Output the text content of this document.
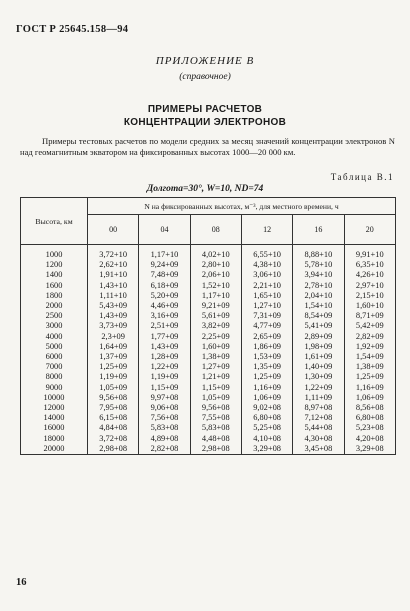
ГОСТ Р 25645.158—94
ПРИЛОЖЕНИЕ В
(справочное)
ПРИМЕРЫ РАСЧЕТОВ
КОНЦЕНТРАЦИИ ЭЛЕКТРОНОВ
Примеры тестовых расчетов по модели средних за месяц значений концентрации электронов N над геомагнитным экватором на фиксированных высотах 1000—20 000 км.
Таблица В.1
Долгота=30°, W=10, ND=74
Высота, км	N на фиксированных высотах, м⁻³, для местного времени, ч					
	00	04	08	12	16	20
1000	3,72+10	1,17+10	4,02+10	6,55+10	8,88+10	9,91+10
1200	2,62+10	9,24+09	2,80+10	4,38+10	5,78+10	6,35+10
1400	1,91+10	7,48+09	2,06+10	3,06+10	3,94+10	4,26+10
1600	1,43+10	6,18+09	1,52+10	2,21+10	2,78+10	2,97+10
1800	1,11+10	5,20+09	1,17+10	1,65+10	2,04+10	2,15+10
2000	5,43+09	4,46+09	9,21+09	1,27+10	1,54+10	1,60+10
2500	1,43+09	3,16+09	5,61+09	7,31+09	8,54+09	8,71+09
3000	3,73+09	2,51+09	3,82+09	4,77+09	5,41+09	5,42+09
4000	2,3+09	1,77+09	2,25+09	2,65+09	2,89+09	2,82+09
5000	1,64+09	1,43+09	1,60+09	1,86+09	1,98+09	1,92+09
6000	1,37+09	1,28+09	1,38+09	1,53+09	1,61+09	1,54+09
7000	1,25+09	1,22+09	1,27+09	1,35+09	1,40+09	1,38+09
8000	1,19+09	1,19+09	1,21+09	1,25+09	1,30+09	1,25+09
9000	1,05+09	1,15+09	1,15+09	1,16+09	1,22+09	1,16+09
10000	9,56+08	9,97+08	1,05+09	1,06+09	1,11+09	1,06+09
12000	7,95+08	9,06+08	9,56+08	9,02+08	8,97+08	8,56+08
14000	6,15+08	7,56+08	7,55+08	6,80+08	7,12+08	6,80+08
16000	4,84+08	5,83+08	5,83+08	5,25+08	5,44+08	5,23+08
18000	3,72+08	4,89+08	4,48+08	4,10+08	4,30+08	4,20+08
20000	2,98+08	2,82+08	2,98+08	3,29+08	3,45+08	3,29+08
16
